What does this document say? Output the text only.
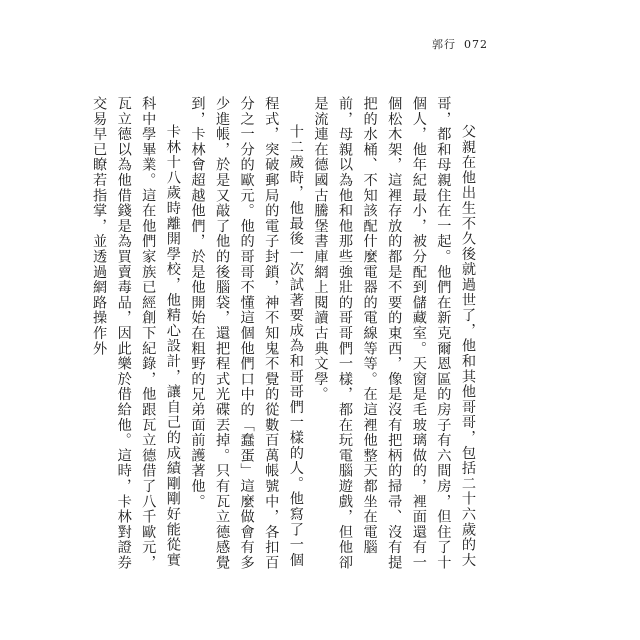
郭行 072

父親在他出生不久後就過世了，他和其他哥哥，包括二十六歲的大哥，都和母親住在一起。他們在新克爾恩區的房子有六間房，但住了十個人，他年紀最小，被分配到儲藏室。天窗是毛玻璃做的，裡面還有一個松木架，這裡存放的都是不要的東西，像是沒有把柄的掃帚、沒有提把的水桶、不知該配什麼電器的電線等等。在這裡他整天都坐在電腦前，母親以為他和他那些強壯的哥哥們一樣，都在玩電腦遊戲，但他卻是流連在德國古騰堡書庫網上閱讀古典文學。

十二歲時，他最後一次試著要成為和哥哥們一樣的人。他寫了一個程式，突破郵局的電子封鎖，神不知鬼不覺的從數百萬帳號中，各扣百分之一分的歐元。他的哥哥不懂這個他們口中的「蠢蛋」這麼做會有多少進帳，於是又敲了他的後腦袋，還把程式光碟丟掉。只有瓦立德感覺到，卡林會超越他們，於是他開始在粗野的兄弟面前護著他。

卡林十八歲時離開學校，他精心設計，讓自己的成績剛剛好能從實科中學畢業。這在他們家族已經創下紀錄，他跟瓦立德借了八千歐元，瓦立德以為他借錢是為買賣毒品，因此樂於借給他。這時，卡林對證券交易早已瞭若指掌，並透過網路操作外
